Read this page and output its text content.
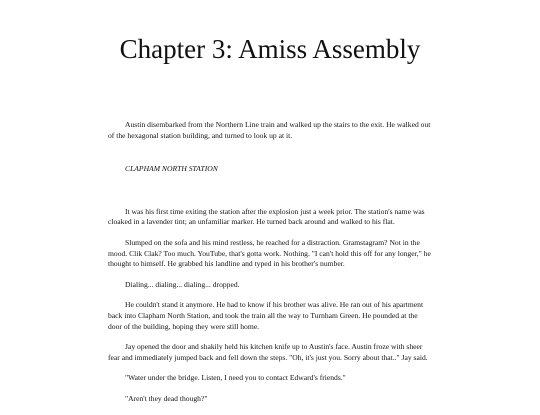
Chapter 3: Amiss Assembly

Austin disembarked from the Northern Line train and walked up the stairs to the exit. He walked out of the hexagonal station building, and turned to look up at it.

CLAPHAM NORTH STATION

It was his first time exiting the station after the explosion just a week prior. The station's name was cloaked in a lavender tint; an unfamiliar marker. He turned back around and walked to his flat.

Slumped on the sofa and his mind restless, he reached for a distraction. Gramstagram? Not in the mood. Clik Clak? Too much. YouTube, that's gotta work. Nothing. "I can't hold this off for any longer," he thought to himself. He grabbed his landline and typed in his brother's number.

Dialing... dialing... dialing... dropped.

He couldn't stand it anymore. He had to know if his brother was alive. He ran out of his apartment back into Clapham North Station, and took the train all the way to Turnham Green. He pounded at the door of the building, hoping they were still home.

Jay opened the door and shakily held his kitchen knife up to Austin's face. Austin froze with sheer fear and immediately jumped back and fell down the steps. "Oh, it's just you. Sorry about that.." Jay said.

"Water under the bridge. Listen, I need you to contact Edward's friends."

"Aren't they dead though?"
